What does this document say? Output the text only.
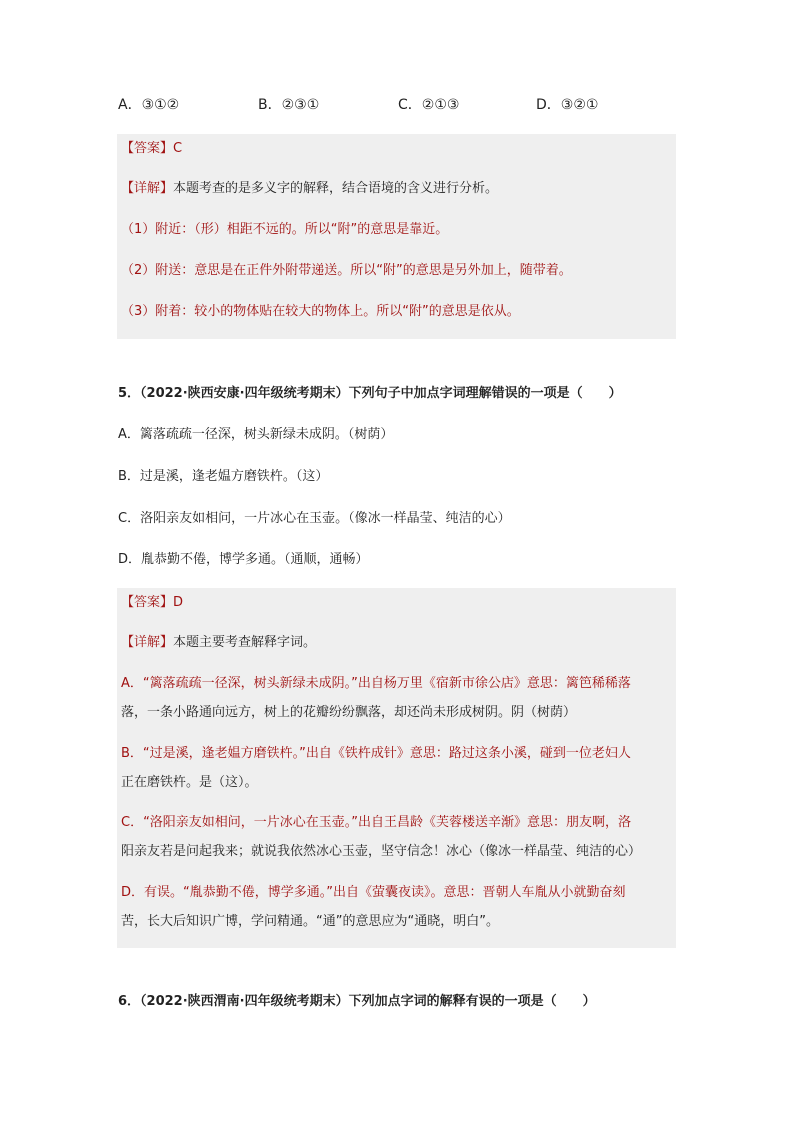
A．③①②	B．②③①	C．②①③	D．③②①
【答案】C
【详解】本题考查的是多义字的解释，结合语境的含义进行分析。
（1）附近：（形）相距不远的。所以“附”的意思是靠近。
（2）附送：意思是在正件外附带递送。所以“附”的意思是另外加上，随带着。
（3）附着：较小的物体贴在较大的物体上。所以“附”的意思是依从。
5．（2022·陕西安康·四年级统考期末）下列句子中加点字词理解错误的一项是（　　）
A．篱落疏疏一径深，树头新绿未成阴。（树荫）
B．过是溪，逢老媪方磨铁杵。（这）
C．洛阳亲友如相问，一片冰心在玉壶。（像冰一样晶莹、纯洁的心）
D．胤恭勤不倦，博学多通。（通顺，通畅）
【答案】D
【详解】本题主要考查解释字词。
A．“篱落疏疏一径深，树头新绿未成阴。”出自杨万里《宿新市徐公店》意思：篱笆稀稀落
落，一条小路通向远方，树上的花瓣纷纷飘落，却还尚未形成树阴。阴（树荫）
B．“过是溪，逢老媪方磨铁杵。”出自《铁杵成针》意思：路过这条小溪，碰到一位老妇人
正在磨铁杵。是（这）。
C．“洛阳亲友如相问，一片冰心在玉壶。”出自王昌龄《芙蓉楼送辛渐》意思：朋友啊，洛
阳亲友若是问起我来；就说我依然冰心玉壶，坚守信念！冰心（像冰一样晶莹、纯洁的心）
D．有误。“胤恭勤不倦，博学多通。”出自《萤囊夜读》。意思：晋朝人车胤从小就勤奋刻
苦，长大后知识广博，学问精通。“通”的意思应为“通晓，明白”。
6．（2022·陕西渭南·四年级统考期末）下列加点字词的解释有误的一项是（　　）
